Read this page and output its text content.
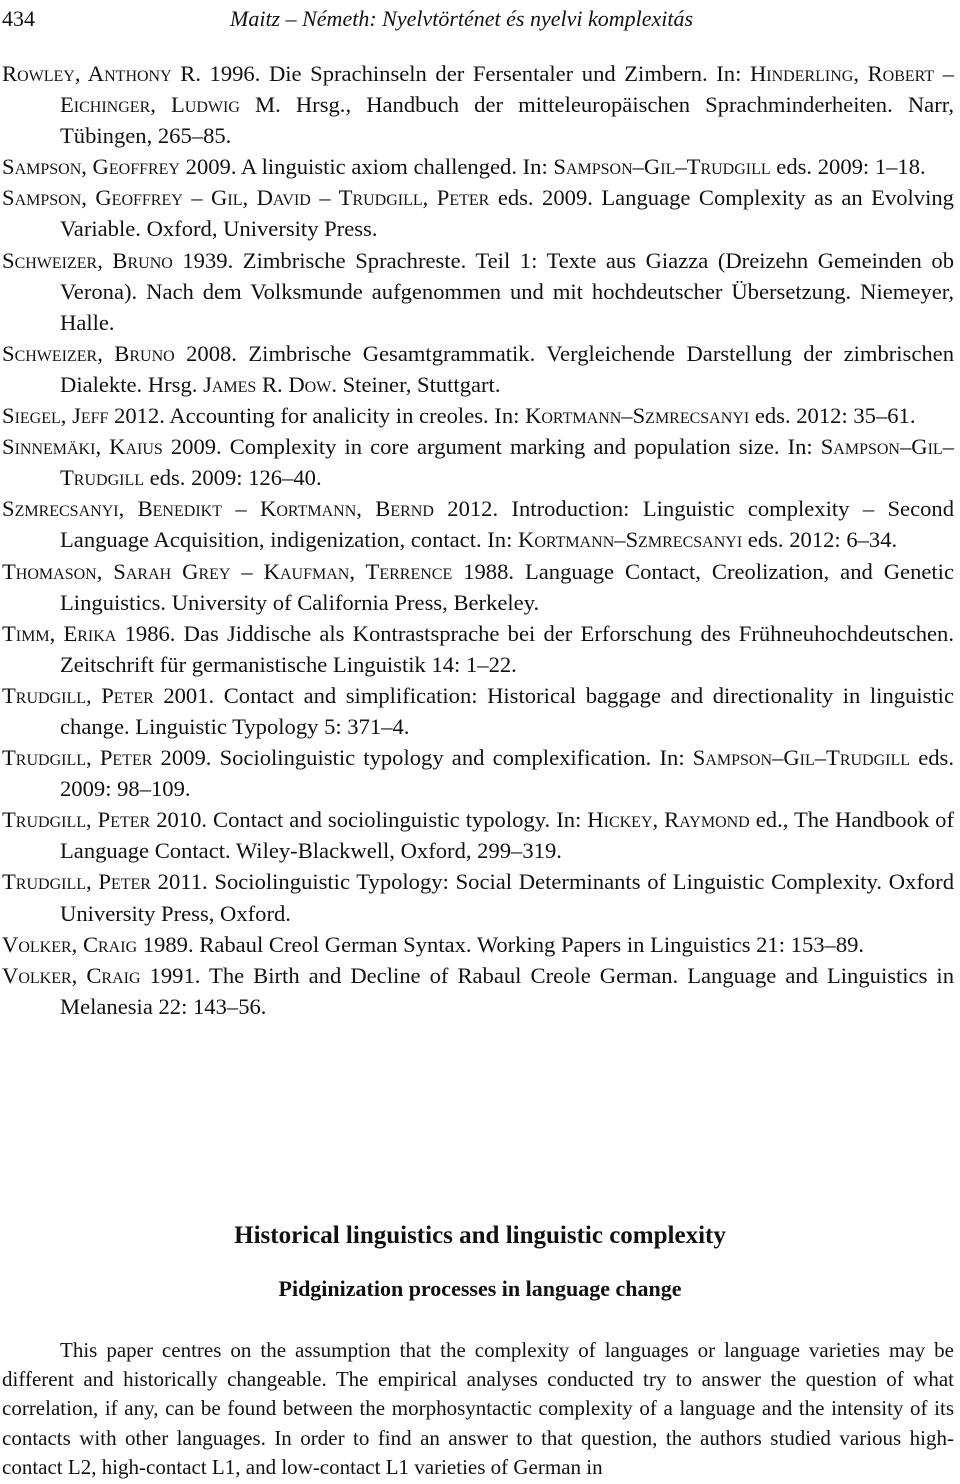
434	Maitz – Németh: Nyelvtörténet és nyelvi komplexitás
Rowley, Anthony R. 1996. Die Sprachinseln der Fersentaler und Zimbern. In: Hinderling, Robert – Eichinger, Ludwig M. Hrsg., Handbuch der mitteleuropäischen Sprachminderheiten. Narr, Tübingen, 265–85.
Sampson, Geoffrey 2009. A linguistic axiom challenged. In: Sampson–Gil–Trudgill eds. 2009: 1–18.
Sampson, Geoffrey – Gil, David – Trudgill, Peter eds. 2009. Language Complexity as an Evolving Variable. Oxford, University Press.
Schweizer, Bruno 1939. Zimbrische Sprachreste. Teil 1: Texte aus Giazza (Dreizehn Gemeinden ob Verona). Nach dem Volksmunde aufgenommen und mit hochdeutscher Übersetzung. Niemeyer, Halle.
Schweizer, Bruno 2008. Zimbrische Gesamtgrammatik. Vergleichende Darstellung der zimbrischen Dialekte. Hrsg. James R. Dow. Steiner, Stuttgart.
Siegel, Jeff 2012. Accounting for analicity in creoles. In: Kortmann–Szmrecsanyi eds. 2012: 35–61.
Sinnemäki, Kaius 2009. Complexity in core argument marking and population size. In: Sampson–Gil–Trudgill eds. 2009: 126–40.
Szmrecsanyi, Benedikt – Kortmann, Bernd 2012. Introduction: Linguistic complexity – Second Language Acquisition, indigenization, contact. In: Kortmann–Szmrecsanyi eds. 2012: 6–34.
Thomason, Sarah Grey – Kaufman, Terrence 1988. Language Contact, Creolization, and Genetic Linguistics. University of California Press, Berkeley.
Timm, Erika 1986. Das Jiddische als Kontrastsprache bei der Erforschung des Frühneuhochdeutschen. Zeitschrift für germanistische Linguistik 14: 1–22.
Trudgill, Peter 2001. Contact and simplification: Historical baggage and directionality in linguistic change. Linguistic Typology 5: 371–4.
Trudgill, Peter 2009. Sociolinguistic typology and complexification. In: Sampson–Gil–Trudgill eds. 2009: 98–109.
Trudgill, Peter 2010. Contact and sociolinguistic typology. In: Hickey, Raymond ed., The Handbook of Language Contact. Wiley-Blackwell, Oxford, 299–319.
Trudgill, Peter 2011. Sociolinguistic Typology: Social Determinants of Linguistic Complexity. Oxford University Press, Oxford.
Volker, Craig 1989. Rabaul Creol German Syntax. Working Papers in Linguistics 21: 153–89.
Volker, Craig 1991. The Birth and Decline of Rabaul Creole German. Language and Linguistics in Melanesia 22: 143–56.
Historical linguistics and linguistic complexity
Pidginization processes in language change
This paper centres on the assumption that the complexity of languages or language varieties may be different and historically changeable. The empirical analyses conducted try to answer the question of what correlation, if any, can be found between the morphosyntactic complexity of a language and the intensity of its contacts with other languages. In order to find an answer to that question, the authors studied various high-contact L2, high-contact L1, and low-contact L1 varieties of German in
